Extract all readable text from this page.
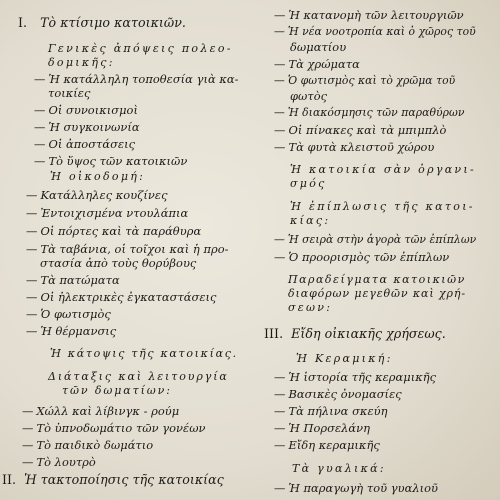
I. Τὸ κτίσιμο κατοικιῶν.
Γενικὲς ἀπόψεις πολεο-
δομικῆς:
— Ἡ κατάλληλη τοποθεσία γιὰ κα-
τοικίες
— Οἱ συνοικισμοὶ
— Ἡ συγκοινωνία
— Οἱ ἀποστάσεις
— Τὸ ὕψος τῶν κατοικιῶν
Ἡ οἰκοδομή:
— Κατάλληλες κουζίνες
— Ἐντοιχισμένα ντουλάπια
— Οἱ πόρτες καὶ τὰ παράθυρα
— Τὰ ταβάνια, οἱ τοῖχοι καὶ ἡ προ-
στασία ἀπὸ τοὺς θορύβους
— Τὰ πατώματα
— Οἱ ἠλεκτρικὲς ἐγκαταστάσεις
— Ὁ φωτισμὸς
— Ἡ θέρμανσις
Ἡ κάτοψις τῆς κατοικίας.
Διάταξις καὶ λειτουργία
τῶν δωματίων:
— Χώλλ καὶ λίβινγκ - ρούμ
— Τὸ ὑπνοδωμάτιο τῶν γονέων
— Τὸ παιδικὸ δωμάτιο
— Τὸ λουτρὸ
II. Ἡ τακτοποίησις τῆς κατοικίας
— Ἡ κατανομὴ τῶν λειτουργιῶν
— Ἡ νέα νοοτροπία καὶ ὁ χῶρος τοῦ
δωματίου
— Τὰ χρώματα
— Ὁ φωτισμὸς καὶ τὸ χρῶμα τοῦ
φωτὸς
— Ἡ διακόσμησις τῶν παραθύρων
— Οἱ πίνακες καὶ τὰ μπιμπλὸ
— Τὰ φυτὰ κλειστοῦ χώρου
Ἡ κατοικία σὰν ὀργανι-
σμός
Ἡ ἐπίπλωσις τῆς κατοι-
κίας:
— Ἡ σειρὰ στὴν ἀγορὰ τῶν ἐπίπλων
— Ὁ προορισμὸς τῶν ἐπίπλων
Παραδείγματα κατοικιῶν
διαφόρων μεγεθῶν καὶ χρή-
σεων:
III. Εἴδη οἰκιακῆς χρήσεως.
Ἡ Κεραμική:
— Ἡ ἱστορία τῆς κεραμικῆς
— Βασικὲς ὀνομασίες
— Τὰ πήλινα σκεύη
— Ἡ Πορσελάνη
— Εἴδη κεραμικῆς
Τὰ γυαλικά:
— Ἡ παραγωγὴ τοῦ γυαλιοῦ
